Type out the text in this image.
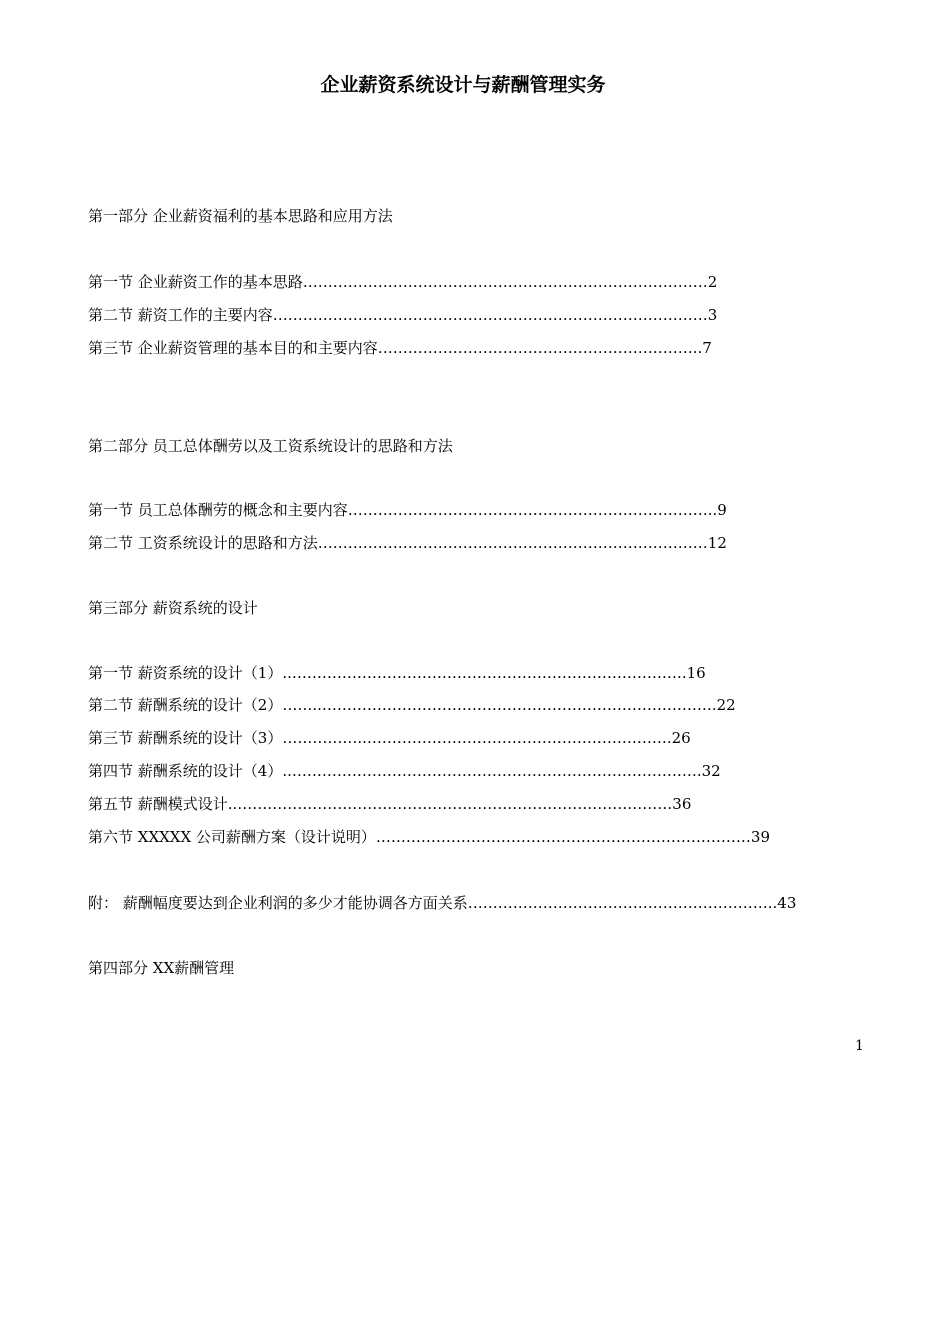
企业薪资系统设计与薪酬管理实务
第一部分 企业薪资福利的基本思路和应用方法
第一节 企业薪资工作的基本思路………………………………………………………………………2
第二节 薪资工作的主要内容……………………………………………………………………………3
第三节 企业薪资管理的基本目的和主要内容………………………………………………………..7
第二部分 员工总体酬劳以及工资系统设计的思路和方法
第一节 员工总体酬劳的概念和主要内容………………………………………………………………..9
第二节 工资系统设计的思路和方法……………………………………………………………………12
第三部分 薪资系统的设计
第一节 薪资系统的设计（1）..…………………………………………………………………….16
第二节 薪酬系统的设计（2）……..…………………………………………………………………….22
第三节 薪酬系统的设计（3）……………..…………………………………………………….26
第四节 薪酬系统的设计（4）..……………………………………………………………………….32
第五节 薪酬模式设计..……………………………………………………………………………36
第六节 XXXXX 公司薪酬方案（设计说明）…………………………………………………………………39
附： 薪酬幅度要达到企业利润的多少才能协调各方面关系……………………………………………………..43
第四部分 XX薪酬管理
1
